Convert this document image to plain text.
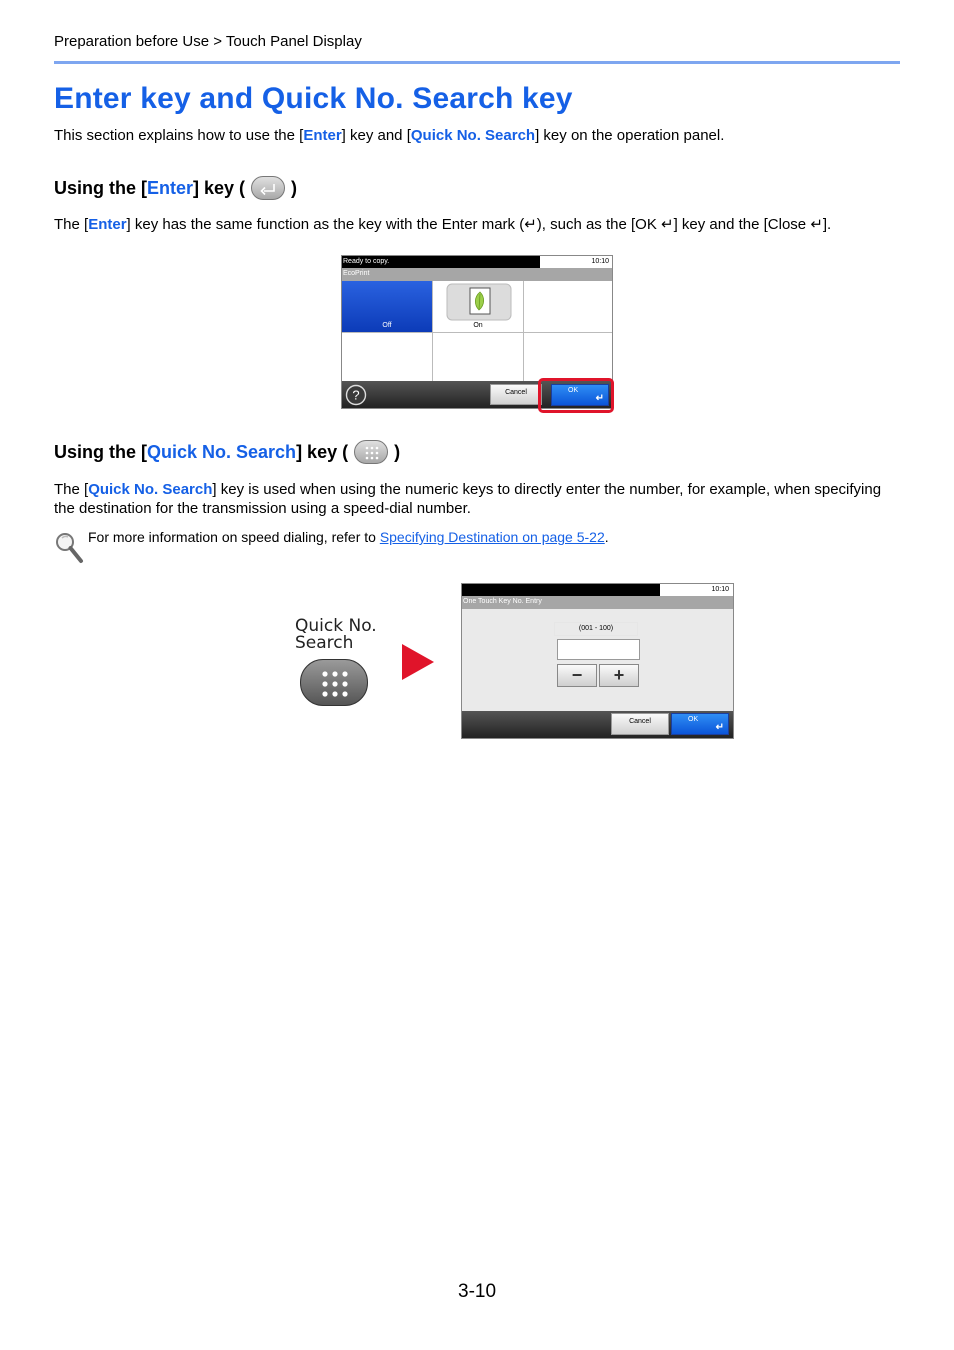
Preparation before Use > Touch Panel Display
Enter key and Quick No. Search key

This section explains how to use the [Enter] key and [Quick No. Search] key on the operation panel.

Using the [ Enter ] key (	)

The [Enter] key has the same function as the key with the Enter mark (↵), such as the [OK ↵] key and the [Close ↵].

Ready to copy.	10:10
EcoPrint
Off	On
?	Cancel	OK
↵
Using the [ Quick No. Search ] key (	)

The [Quick No. Search] key is used when using the numeric keys to directly enter the number, for example, when specifying the destination for the transmission using a speed-dial number.

For more information on speed dialing, refer to Specifying Destination on page 5-22.

Quick No.
Search
10:10
One Touch Key No. Entry
(001 - 100)
−	+
Cancel	OK
↵
3-10
